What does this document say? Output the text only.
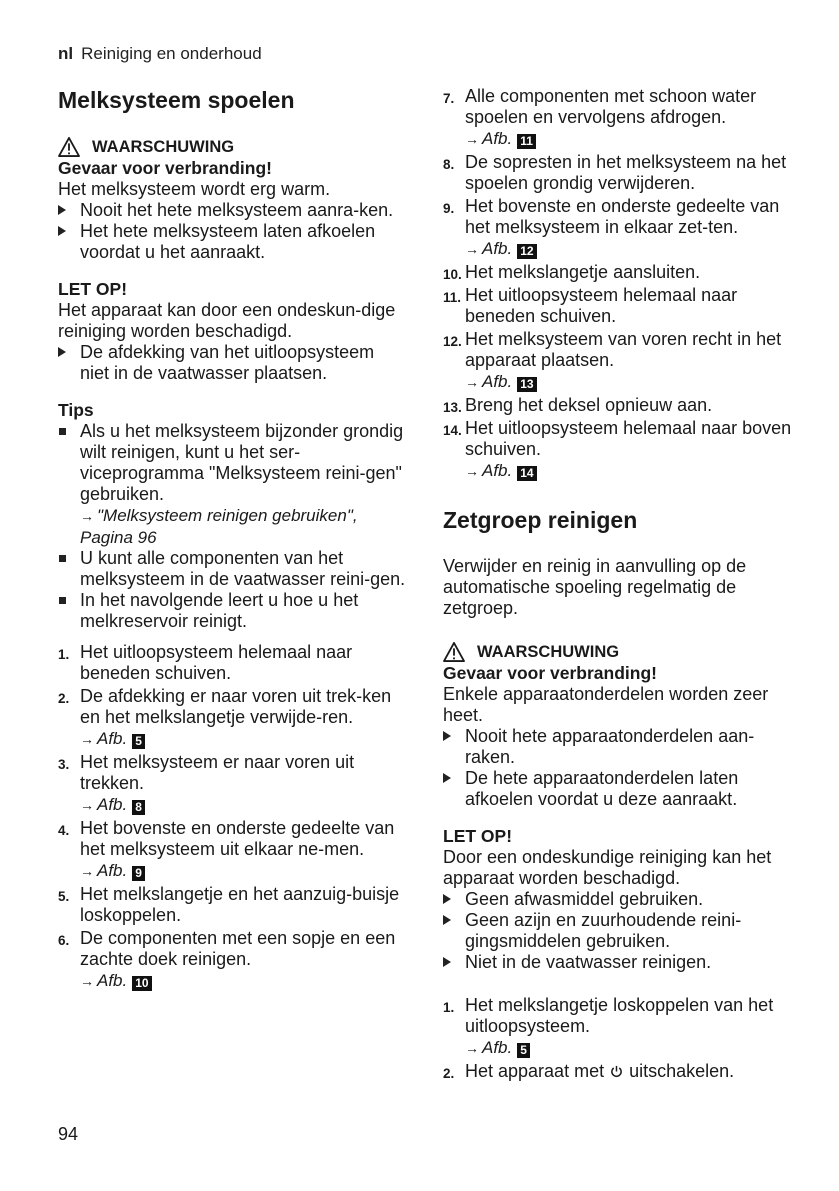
nl Reiniging en onderhoud
Melksysteem spoelen
WAARSCHUWING

Gevaar voor verbranding!

Het melksysteem wordt erg warm.

Nooit het hete melksysteem aanra-ken.
Het hete melksysteem laten afkoelen voordat u het aanraakt.

LET OP!

Het apparaat kan door een ondeskun-dige reiniging worden beschadigd.

De afdekking van het uitloopsysteem niet in de vaatwasser plaatsen.

Tips

Als u het melksysteem bijzonder grondig wilt reinigen, kunt u het ser-viceprogramma "Melksysteem reini-gen" gebruiken.
→ "Melksysteem reinigen gebruiken", Pagina 96
U kunt alle componenten van het melksysteem in de vaatwasser reini-gen.
In het navolgende leert u hoe u het melkreservoir reinigt.
1. Het uitloopsysteem helemaal naar beneden schuiven.
2. De afdekking er naar voren uit trek-ken en het melkslangetje verwijde-ren.
→ Afb. 5
3. Het melksysteem er naar voren uit trekken.
→ Afb. 8
4. Het bovenste en onderste gedeelte van het melksysteem uit elkaar ne-men.
→ Afb. 9
5. Het melkslangetje en het aanzuig-buisje loskoppelen.
6. De componenten met een sopje en een zachte doek reinigen.
→ Afb. 10
7. Alle componenten met schoon water spoelen en vervolgens afdrogen.
→ Afb. 11
8. De sopresten in het melksysteem na het spoelen grondig verwijderen.
9. Het bovenste en onderste gedeelte van het melksysteem in elkaar zet-ten.
→ Afb. 12
10. Het melkslangetje aansluiten.
11. Het uitloopsysteem helemaal naar beneden schuiven.
12. Het melksysteem van voren recht in het apparaat plaatsen.
→ Afb. 13
13. Breng het deksel opnieuw aan.
14. Het uitloopsysteem helemaal naar boven schuiven.
→ Afb. 14
Zetgroep reinigen

Verwijder en reinig in aanvulling op de automatische spoeling regelmatig de zetgroep.

WAARSCHUWING

Gevaar voor verbranding!

Enkele apparaatonderdelen worden zeer heet.

Nooit hete apparaatonderdelen aan-raken.
De hete apparaatonderdelen laten afkoelen voordat u deze aanraakt.

LET OP!

Door een ondeskundige reiniging kan het apparaat worden beschadigd.

Geen afwasmiddel gebruiken.
Geen azijn en zuurhoudende reini-gingsmiddelen gebruiken.
Niet in de vaatwasser reinigen.
1. Het melkslangetje loskoppelen van het uitloopsysteem.
→ Afb. 5
2. Het apparaat met uitschakelen.
94
